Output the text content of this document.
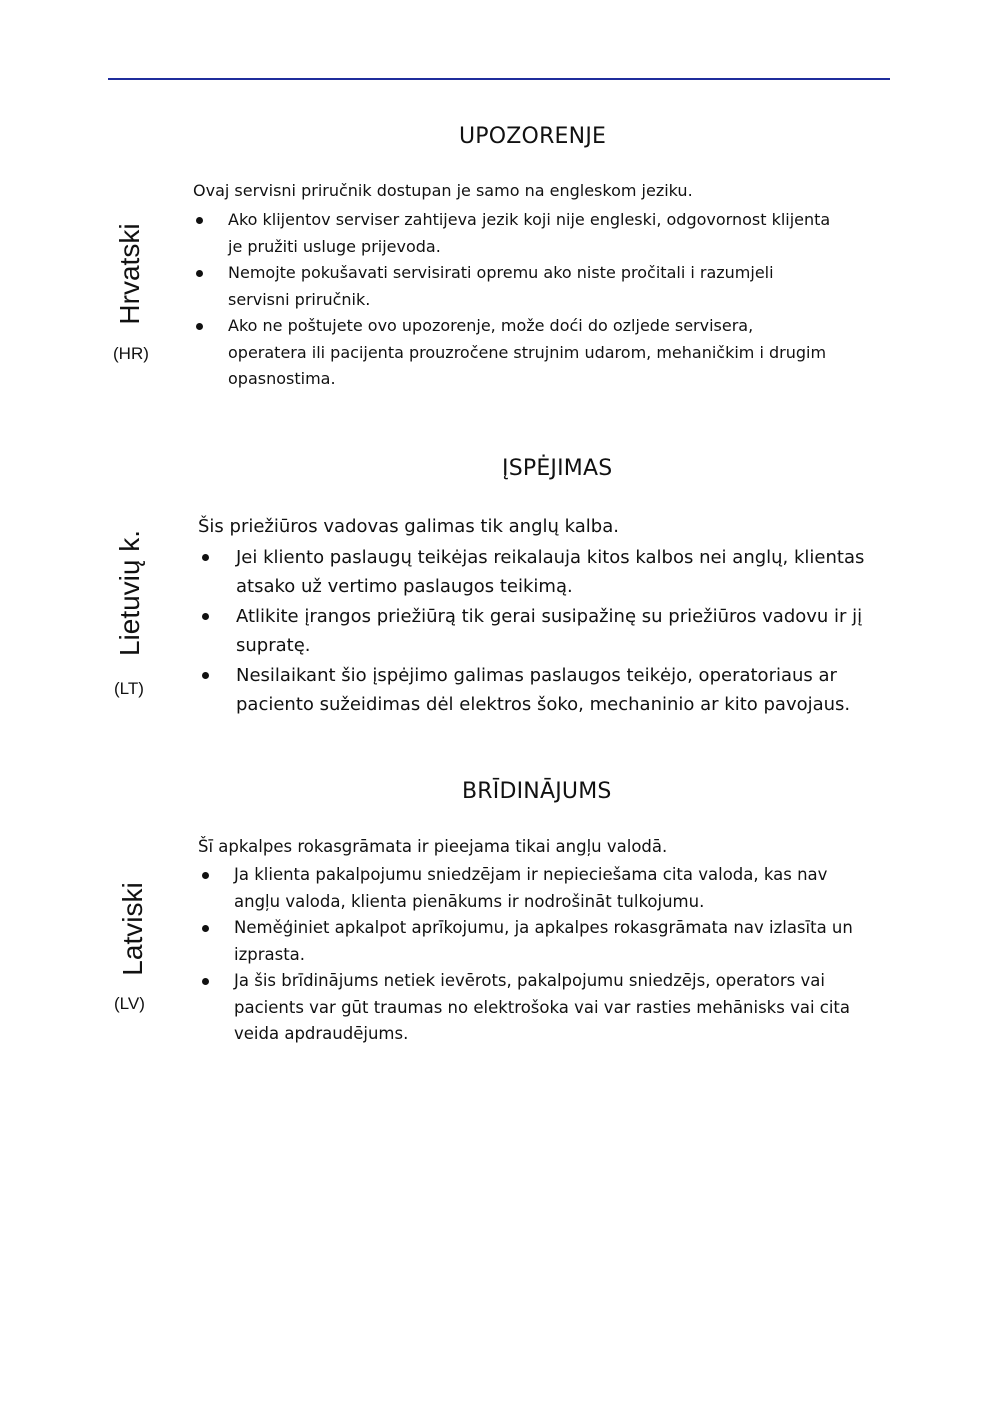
UPOZORENJE
Hrvatski
(HR)
Ovaj servisni priručnik dostupan je samo na engleskom jeziku.
Ako klijentov serviser zahtijeva jezik koji nije engleski, odgovornost klijenta
je pružiti usluge prijevoda.
Nemojte pokušavati servisirati opremu ako niste pročitali i razumjeli
servisni priručnik.
Ako ne poštujete ovo upozorenje, može doći do ozljede servisera,
operatera ili pacijenta prouzročene strujnim udarom, mehaničkim i drugim
opasnostima.
ĮSPĖJIMAS
Lietuvių k.
(LT)
Šis priežiūros vadovas galimas tik anglų kalba.
Jei kliento paslaugų teikėjas reikalauja kitos kalbos nei anglų, klientas
atsako už vertimo paslaugos teikimą.
Atlikite įrangos priežiūrą tik gerai susipažinę su priežiūros vadovu ir jį
supratę.
Nesilaikant šio įspėjimo galimas paslaugos teikėjo, operatoriaus ar
paciento sužeidimas dėl elektros šoko, mechaninio ar kito pavojaus.
BRĪDINĀJUMS
Latviski
(LV)
Šī apkalpes rokasgrāmata ir pieejama tikai angļu valodā.
Ja klienta pakalpojumu sniedzējam ir nepieciešama cita valoda, kas nav
angļu valoda, klienta pienākums ir nodrošināt tulkojumu.
Neměģiniet apkalpot aprīkojumu, ja apkalpes rokasgrāmata nav izlasīta un
izprasta.
Ja šis brīdinājums netiek ievērots, pakalpojumu sniedzējs, operators vai
pacients var gūt traumas no elektrošoka vai var rasties mehānisks vai cita
veida apdraudējums.
